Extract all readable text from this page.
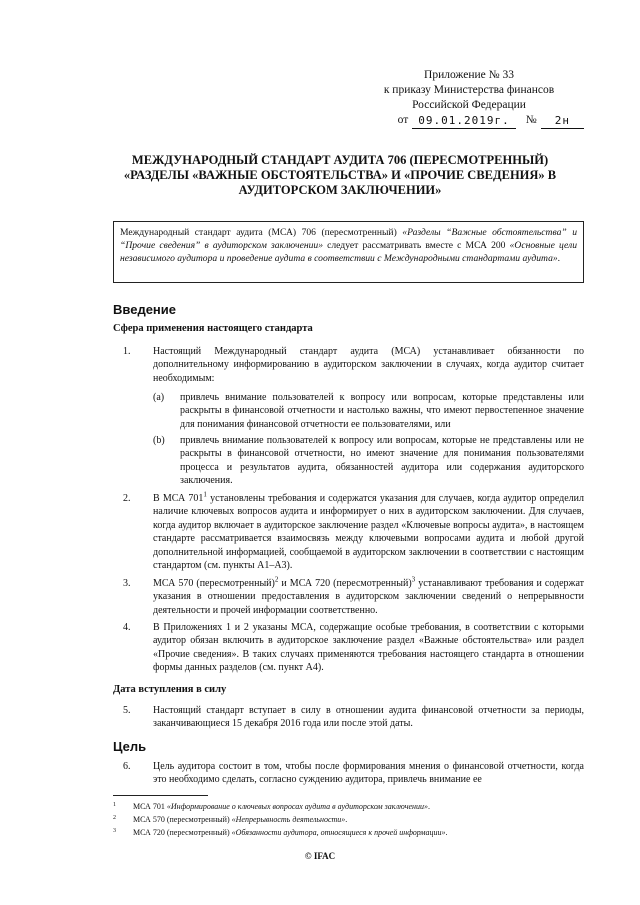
Приложение № 33
к приказу Министерства финансов
Российской Федерации
от 09.01.2019г.	№	2н
МЕЖДУНАРОДНЫЙ СТАНДАРТ АУДИТА 706 (ПЕРЕСМОТРЕННЫЙ)
«РАЗДЕЛЫ «ВАЖНЫЕ ОБСТОЯТЕЛЬСТВА» И «ПРОЧИЕ СВЕДЕНИЯ» В АУДИТОРСКОМ ЗАКЛЮЧЕНИИ»
Международный стандарт аудита (МСА) 706 (пересмотренный) «Разделы “Важные обстоятельства” и “Прочие сведения” в аудиторском заключении» следует рассматривать вместе с МСА 200 «Основные цели независимого аудитора и проведение аудита в соответствии с Международными стандартами аудита».
Введение
Сфера применения настоящего стандарта
1. Настоящий Международный стандарт аудита (МСА) устанавливает обязанности по дополнительному информированию в аудиторском заключении в случаях, когда аудитор считает необходимым:
(a) привлечь внимание пользователей к вопросу или вопросам, которые представлены или раскрыты в финансовой отчетности и настолько важны, что имеют первостепенное значение для понимания финансовой отчетности ее пользователями, или
(b) привлечь внимание пользователей к вопросу или вопросам, которые не представлены или не раскрыты в финансовой отчетности, но имеют значение для понимания пользователями процесса и результатов аудита, обязанностей аудитора или содержания аудиторского заключения.
2. В МСА $701^1$ установлены требования и содержатся указания для случаев, когда аудитор определил наличие ключевых вопросов аудита и информирует о них в аудиторском заключении. Для случаев, когда аудитор включает в аудиторское заключение раздел «Ключевые вопросы аудита», в настоящем стандарте рассматривается взаимосвязь между ключевыми вопросами аудита и любой другой дополнительной информацией, сообщаемой в аудиторском заключении в соответствии с настоящим стандартом (см. пункты А1–А3).
3. МСА 570 (пересмотренный)$^2$ и МСА 720 (пересмотренный)$^3$ устанавливают требования и содержат указания в отношении предоставления в аудиторском заключении сведений о непрерывности деятельности и прочей информации соответственно.
4. В Приложениях 1 и 2 указаны МСА, содержащие особые требования, в соответствии с которыми аудитор обязан включить в аудиторское заключение раздел «Важные обстоятельства» или раздел «Прочие сведения». В таких случаях применяются требования настоящего стандарта в отношении формы данных разделов (см. пункт А4).
Дата вступления в силу
5. Настоящий стандарт вступает в силу в отношении аудита финансовой отчетности за периоды, заканчивающиеся 15 декабря 2016 года или после этой даты.
Цель
6. Цель аудитора состоит в том, чтобы после формирования мнения о финансовой отчетности, когда это необходимо сделать, согласно суждению аудитора, привлечь внимание ее
1 МСА 701 «Информирование о ключевых вопросах аудита в аудиторском заключении».
2 МСА 570 (пересмотренный) «Непрерывность деятельности».
3 МСА 720 (пересмотренный) «Обязанности аудитора, относящиеся к прочей информации».
© IFAC
